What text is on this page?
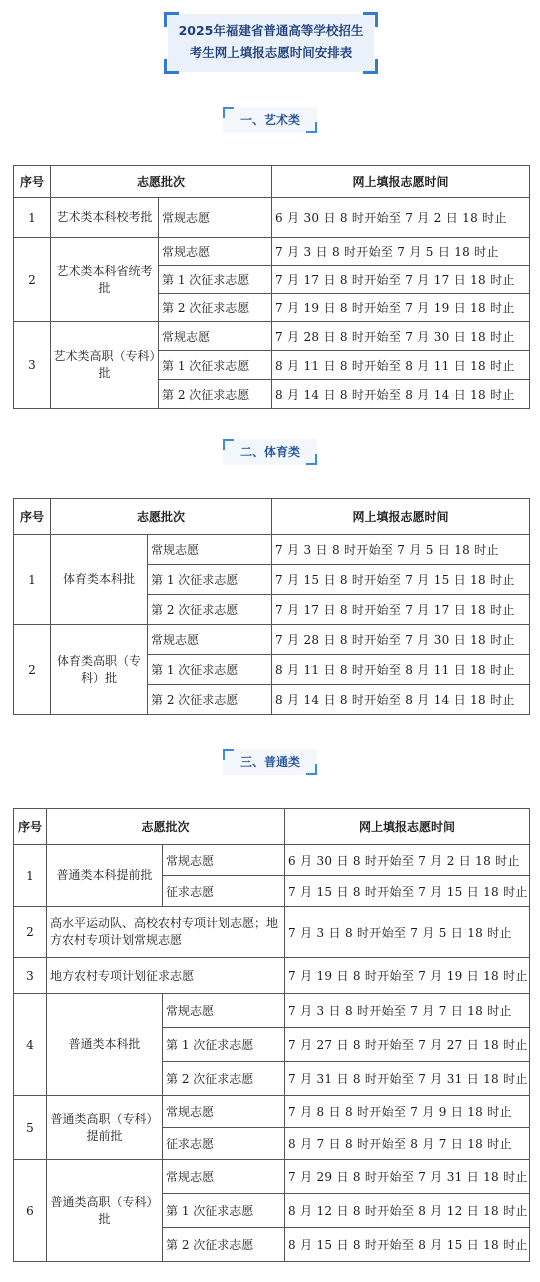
2025年福建省普通高等学校招生
考生网上填报志愿时间安排表
一、艺术类
序号	志愿批次		网上填报志愿时间
1	艺术类本科校考批	常规志愿	6 月 30 日 8 时开始至 7 月 2 日 18 时止
2	艺术类本科省统考批	常规志愿	7 月 3 日 8 时开始至 7 月 5 日 18 时止
		第 1 次征求志愿	7 月 17 日 8 时开始至 7 月 17 日 18 时止
		第 2 次征求志愿	7 月 19 日 8 时开始至 7 月 19 日 18 时止
3	艺术类高职（专科）批	常规志愿	7 月 28 日 8 时开始至 7 月 30 日 18 时止
		第 1 次征求志愿	8 月 11 日 8 时开始至 8 月 11 日 18 时止
		第 2 次征求志愿	8 月 14 日 8 时开始至 8 月 14 日 18 时止
二、体育类
序号	志愿批次		网上填报志愿时间
1	体育类本科批	常规志愿	7 月 3 日 8 时开始至 7 月 5 日 18 时止
		第 1 次征求志愿	7 月 15 日 8 时开始至 7 月 15 日 18 时止
		第 2 次征求志愿	7 月 17 日 8 时开始至 7 月 17 日 18 时止
2	体育类高职（专科）批	常规志愿	7 月 28 日 8 时开始至 7 月 30 日 18 时止
		第 1 次征求志愿	8 月 11 日 8 时开始至 8 月 11 日 18 时止
		第 2 次征求志愿	8 月 14 日 8 时开始至 8 月 14 日 18 时止
三、普通类
序号	志愿批次		网上填报志愿时间
1	普通类本科提前批	常规志愿	6 月 30 日 8 时开始至 7 月 2 日 18 时止
		征求志愿	7 月 15 日 8 时开始至 7 月 15 日 18 时止
2	高水平运动队、高校农村专项计划志愿；地方农村专项计划常规志愿		7 月 3 日 8 时开始至 7 月 5 日 18 时止
3	地方农村专项计划征求志愿		7 月 19 日 8 时开始至 7 月 19 日 18 时止
4	普通类本科批	常规志愿	7 月 3 日 8 时开始至 7 月 7 日 18 时止
		第 1 次征求志愿	7 月 27 日 8 时开始至 7 月 27 日 18 时止
		第 2 次征求志愿	7 月 31 日 8 时开始至 7 月 31 日 18 时止
5	普通类高职（专科）提前批	常规志愿	7 月 8 日 8 时开始至 7 月 9 日 18 时止
		征求志愿	8 月 7 日 8 时开始至 8 月 7 日 18 时止
6	普通类高职（专科）批	常规志愿	7 月 29 日 8 时开始至 7 月 31 日 18 时止
		第 1 次征求志愿	8 月 12 日 8 时开始至 8 月 12 日 18 时止
		第 2 次征求志愿	8 月 15 日 8 时开始至 8 月 15 日 18 时止
